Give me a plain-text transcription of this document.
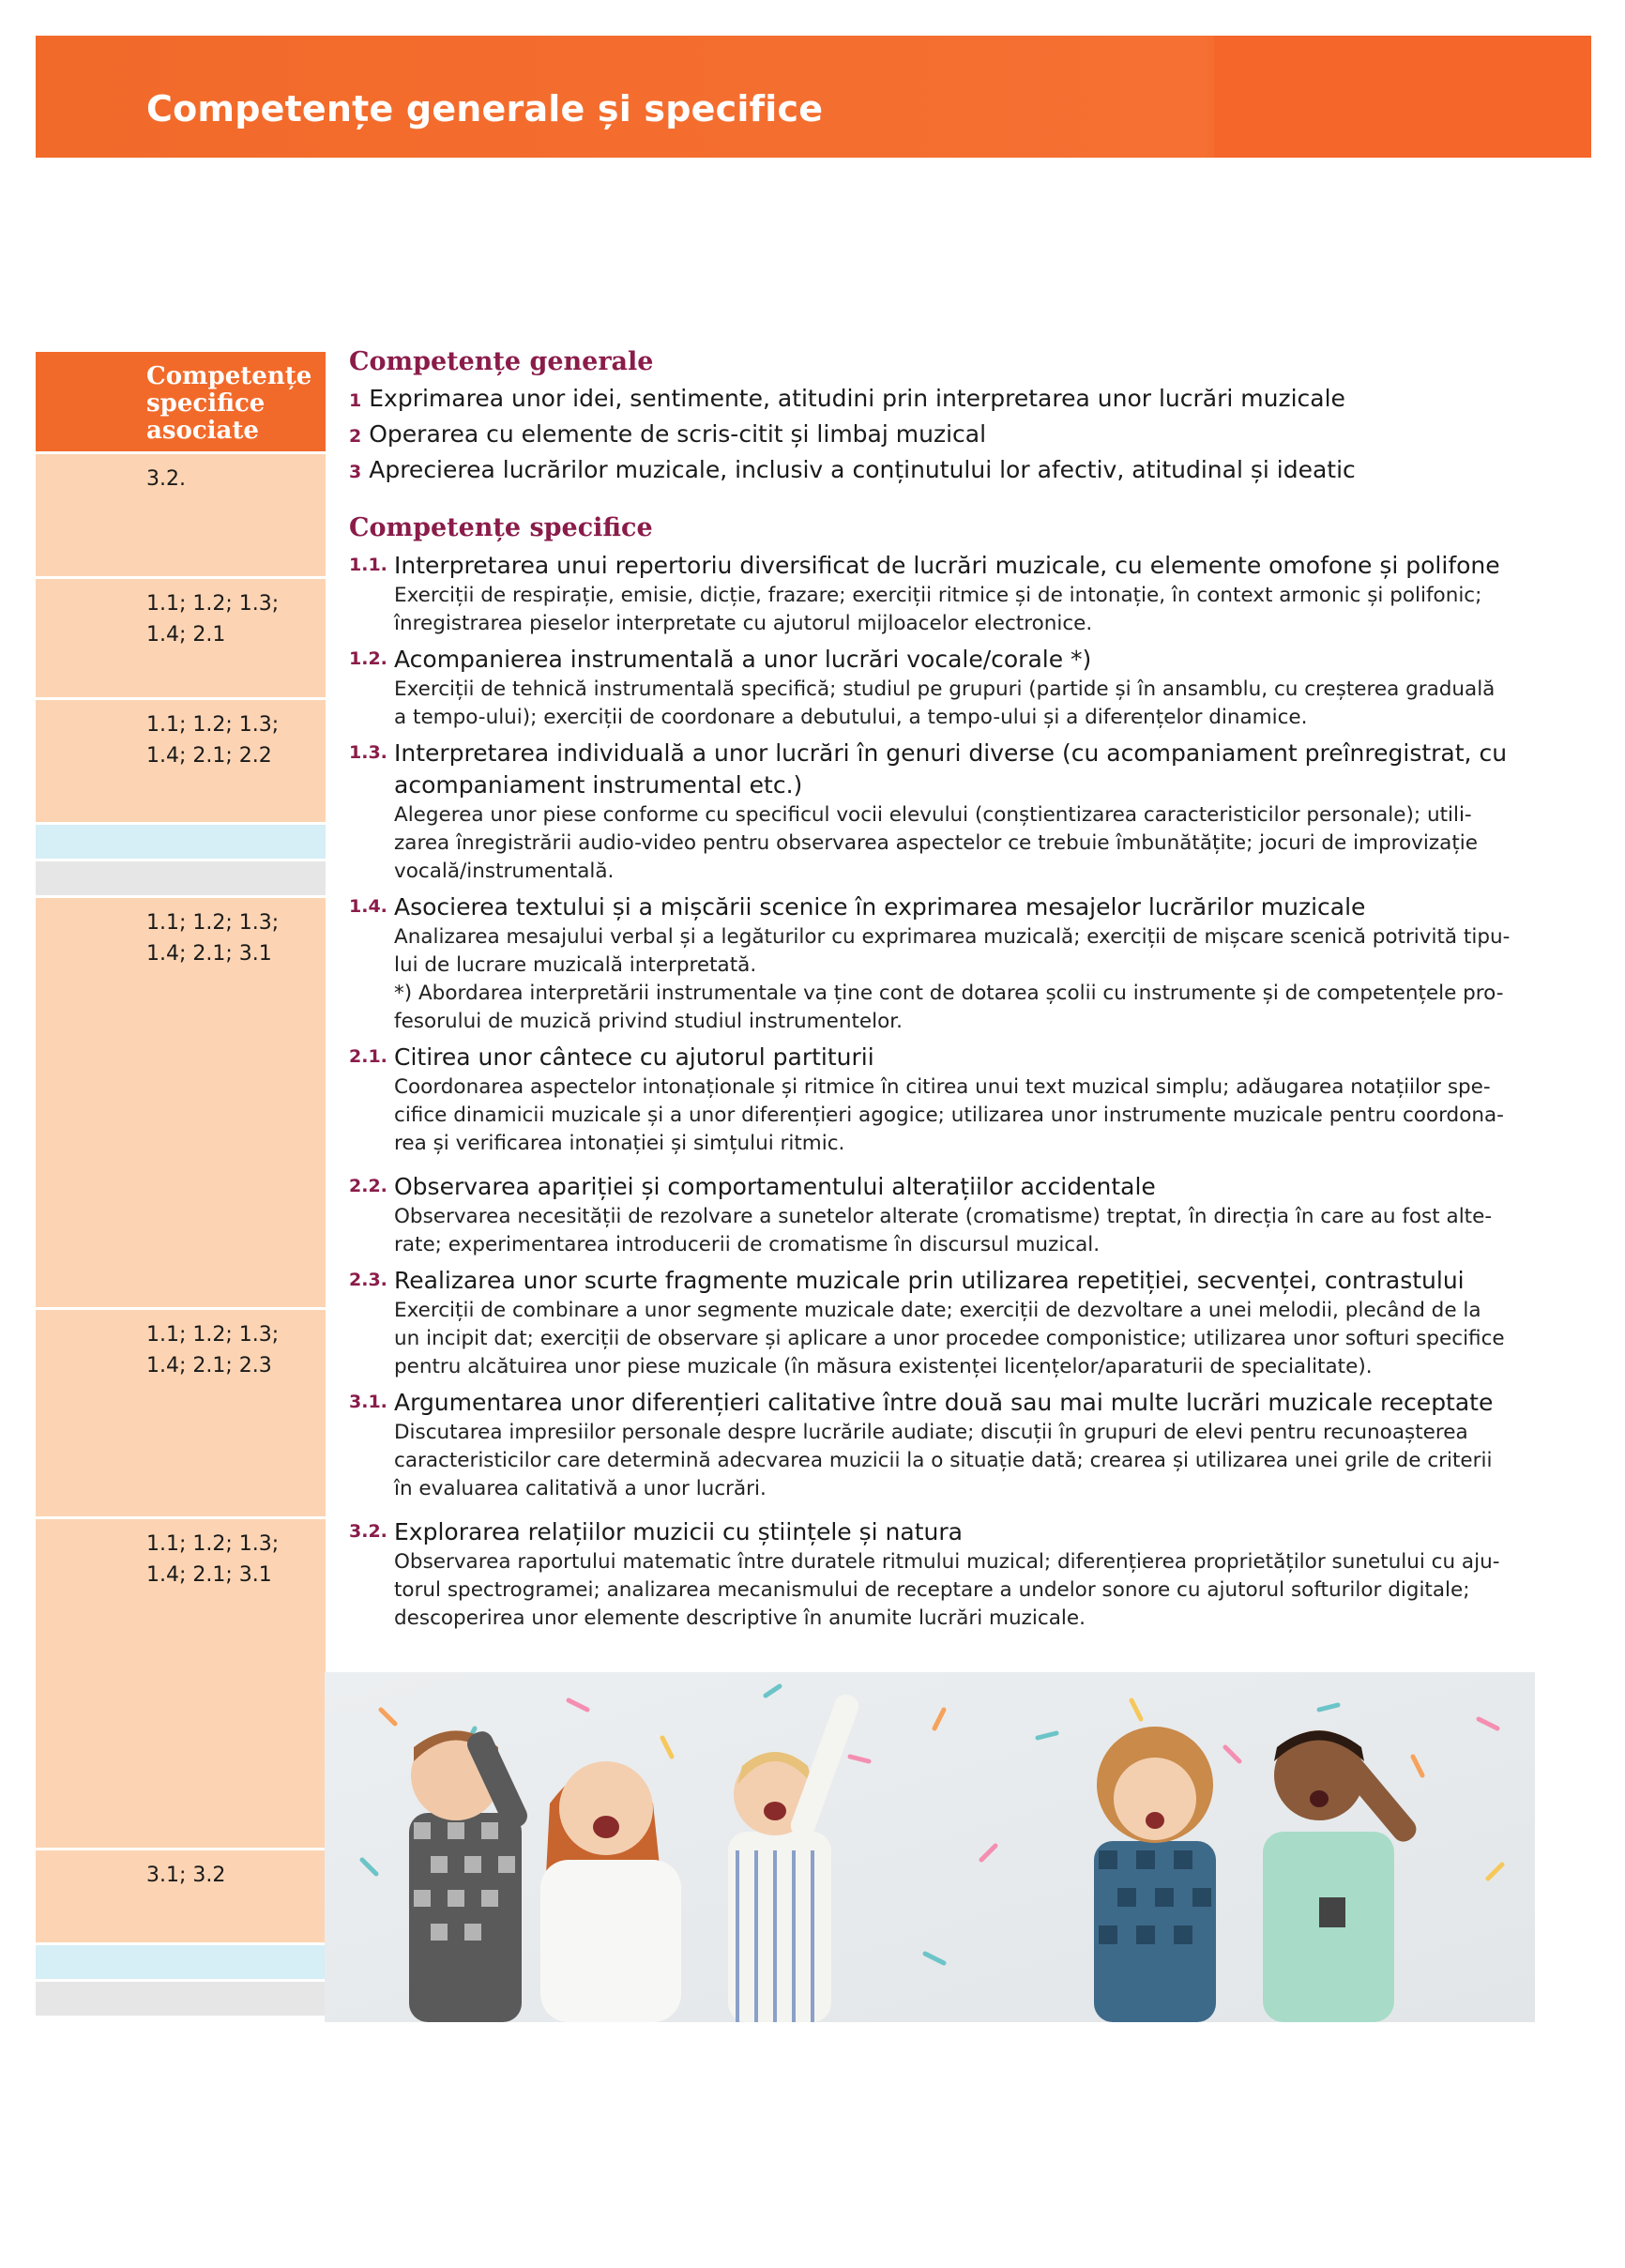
Competențe generale și specifice
Competențe specifice asociate
3.2.
1.1; 1.2; 1.3; 1.4; 2.1
1.1; 1.2; 1.3; 1.4; 2.1; 2.2
1.1; 1.2; 1.3; 1.4; 2.1; 3.1
1.1; 1.2; 1.3; 1.4; 2.1; 2.3
1.1; 1.2; 1.3; 1.4; 2.1; 3.1
3.1; 3.2
Competențe generale
1 Exprimarea unor idei, sentimente, atitudini prin interpretarea unor lucrări muzicale
2 Operarea cu elemente de scris-citit și limbaj muzical
3 Aprecierea lucrărilor muzicale, inclusiv a conținutului lor afectiv, atitudinal și ideatic
Competențe specifice
1.1. Interpretarea unui repertoriu diversificat de lucrări muzicale, cu elemente omofone și polifone
Exerciții de respirație, emisie, dicție, frazare; exerciții ritmice și de intonație, în context armonic și polifonic;
înregistrarea pieselor interpretate cu ajutorul mijloacelor electronice.
1.2. Acompanierea instrumentală a unor lucrări vocale/corale *)
Exerciții de tehnică instrumentală specifică; studiul pe grupuri (partide și în ansamblu, cu creșterea graduală
a tempo-ului); exerciții de coordonare a debutului, a tempo-ului și a diferențelor dinamice.
1.3. Interpretarea individuală a unor lucrări în genuri diverse (cu acompaniament preînregistrat, cu acompaniament instrumental etc.)
Alegerea unor piese conforme cu specificul vocii elevului (conștientizarea caracteristicilor personale); utili-
zarea înregistrării audio-video pentru observarea aspectelor ce trebuie îmbunătățite; jocuri de improvizație
vocală/instrumentală.
1.4. Asocierea textului și a mișcării scenice în exprimarea mesajelor lucrărilor muzicale
Analizarea mesajului verbal și a legăturilor cu exprimarea muzicală; exerciții de mișcare scenică potrivită tipu-
lui de lucrare muzicală interpretată.
*) Abordarea interpretării instrumentale va ține cont de dotarea școlii cu instrumente și de competențele pro-
fesorului de muzică privind studiul instrumentelor.
2.1. Citirea unor cântece cu ajutorul partiturii
Coordonarea aspectelor intonaționale și ritmice în citirea unui text muzical simplu; adăugarea notațiilor spe-
cifice dinamicii muzicale și a unor diferențieri agogice; utilizarea unor instrumente muzicale pentru coordona-
rea și verificarea intonației și simțului ritmic.
2.2. Observarea apariției și comportamentului alterațiilor accidentale
Observarea necesității de rezolvare a sunetelor alterate (cromatisme) treptat, în direcția în care au fost alte-
rate; experimentarea introducerii de cromatisme în discursul muzical.
2.3. Realizarea unor scurte fragmente muzicale prin utilizarea repetiției, secvenței, contrastului
Exerciții de combinare a unor segmente muzicale date; exerciții de dezvoltare a unei melodii, plecând de la
un incipit dat; exerciții de observare și aplicare a unor procedee componistice; utilizarea unor softuri specifice
pentru alcătuirea unor piese muzicale (în măsura existenței licențelor/aparaturii de specialitate).
3.1. Argumentarea unor diferențieri calitative între două sau mai multe lucrări muzicale receptate
Discutarea impresiilor personale despre lucrările audiate; discuții în grupuri de elevi pentru recunoașterea
caracteristicilor care determină adecvarea muzicii la o situație dată; crearea și utilizarea unei grile de criterii
în evaluarea calitativă a unor lucrări.
3.2. Explorarea relațiilor muzicii cu științele și natura
Observarea raportului matematic între duratele ritmului muzical; diferențierea proprietăților sunetului cu aju-
torul spectrogramei; analizarea mecanismului de receptare a undelor sonore cu ajutorul softurilor digitale;
descoperirea unor elemente descriptive în anumite lucrări muzicale.
